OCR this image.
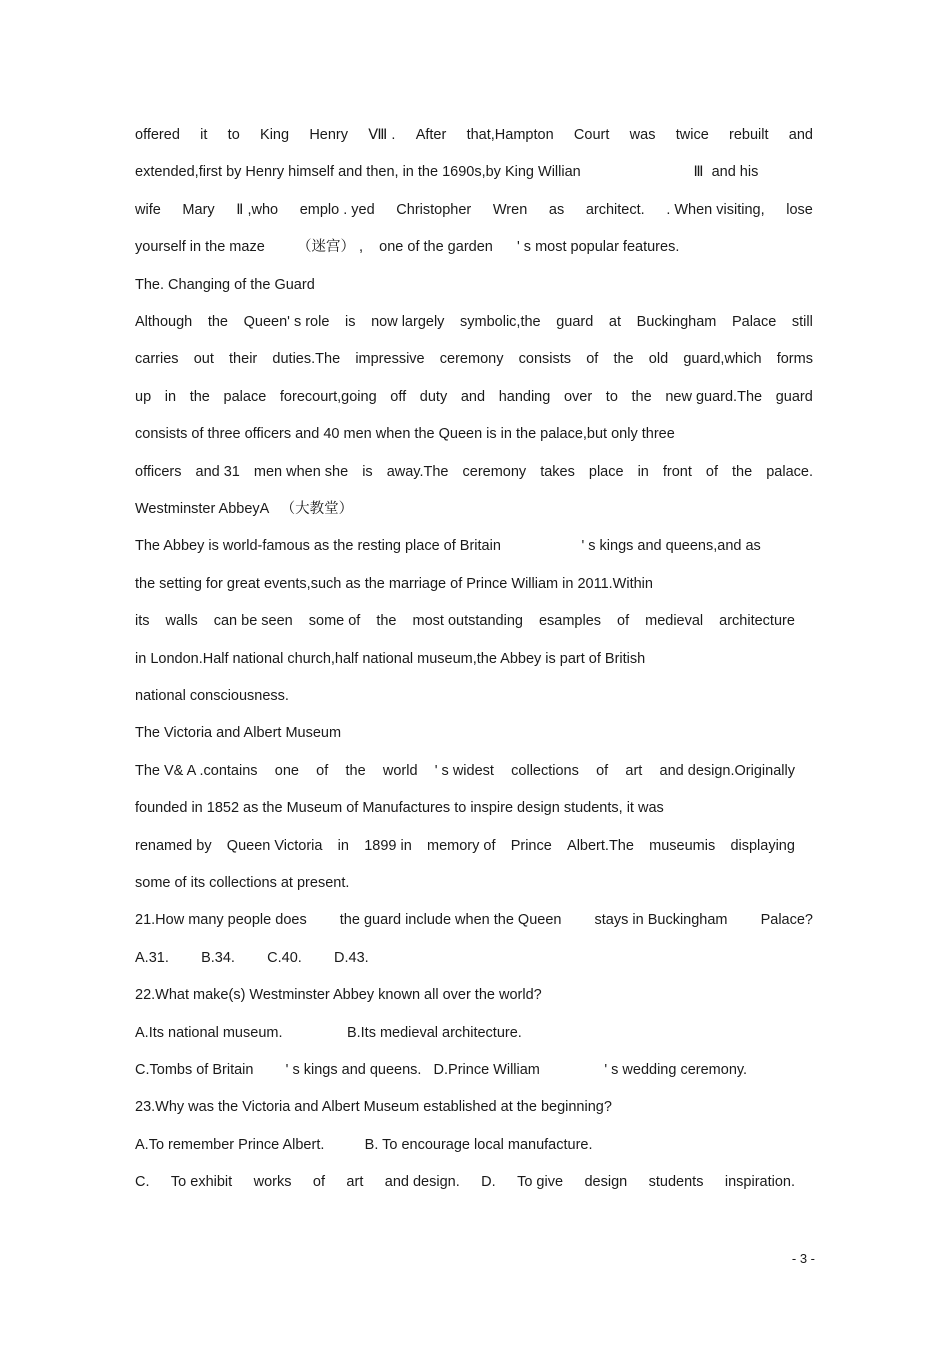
offered it to King Henry Ⅷ . After that,Hampton Court was twice rebuilt and
extended,first by Henry himself and then, in the 1690s,by King Willian                            Ⅲ  and his
wife Mary Ⅱ ,who emplo . yed Christopher Wren as architect. . When visiting, lose
yourself in the maze        （迷宫） ,    one of the garden      ' s most popular features.
The. Changing of the Guard
Although the Queen' s role is now largely symbolic,the guard at Buckingham Palace still
carries out their duties.The impressive ceremony consists of the old guard,which forms
up in the palace forecourt,going off duty and handing over to the new guard.The guard
consists of three officers and 40 men when the Queen is in the palace,but only three
officers and 31 men when she is away.The ceremony takes place in front of the palace.
Westminster AbbeyA   （大教堂）
The Abbey is world-famous as the resting place of Britain                    ' s kings and queens,and as
the setting for great events,such as the marriage of Prince William in 2011.Within
its walls can be seen some of the most outstanding esamples of medieval architecture
in London.Half national church,half national museum,the Abbey is part of British
national consciousness.
The Victoria and Albert Museum
The V& A .contains one of the world ' s widest collections of art and design.Originally
founded in 1852 as the Museum of Manufactures to inspire design students, it was
renamed by Queen Victoria in 1899 in memory of Prince Albert.The museumis displaying
some of its collections at present.
21.How many people does the guard include when the Queen stays in Buckingham Palace?
A.31.        B.34.        C.40.        D.43.
22.What make(s) Westminster Abbey known all over the world?
A.Its national museum.                B.Its medieval architecture.
C.Tombs of Britain        ' s kings and queens.   D.Prince William                ' s wedding ceremony.
23.Why was the Victoria and Albert Museum established at the beginning?
A.To remember Prince Albert.          B. To encourage local manufacture.
C. To exhibit works of art and design. D. To give design students inspiration.
- 3 -
